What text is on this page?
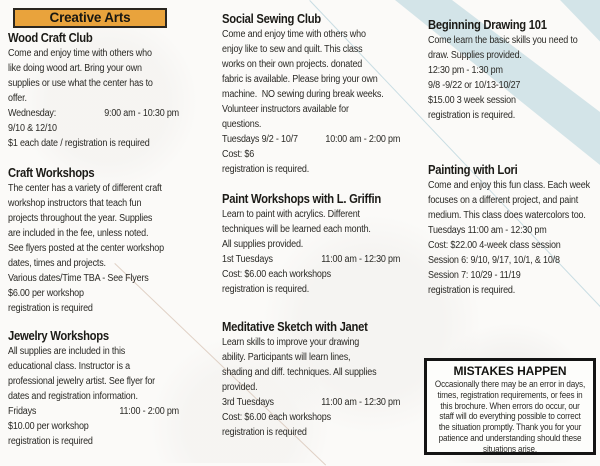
Creative Arts
Wood Craft Club
Come and enjoy time with others who
like doing wood art. Bring your own
supplies or use what the center has to
offer.
Wednesday:	9:00 am - 10:30 pm
9/10 & 12/10
$1 each date / registration is required
Craft Workshops
The center has a variety of different craft
workshop instructors that teach fun
projects throughout the year. Supplies
are included in the fee, unless noted.
See flyers posted at the center workshop
dates, times and projects.
Various dates/Time TBA - See Flyers
$6.00 per workshop
registration is required
Jewelry Workshops
All supplies are included in this
educational class. Instructor is a
professional jewelry artist. See flyer for
dates and registration information.
Fridays	11:00 - 2:00 pm
$10.00 per workshop
registration is required
Social Sewing Club
Come and enjoy time with others who
enjoy like to sew and quilt. This class
works on their own projects. donated
fabric is available. Please bring your own
machine.  NO sewing during break weeks.
Volunteer instructors available for
questions.
Tuesdays 9/2 - 10/7	10:00 am - 2:00 pm
Cost: $6
registration is required.
Paint Workshops with L. Griffin
Learn to paint with acrylics. Different
techniques will be learned each month.
All supplies provided.
1st Tuesdays	11:00 am - 12:30 pm
Cost: $6.00 each workshops
registration is required.
Meditative Sketch with Janet
Learn skills to improve your drawing
ability. Participants will learn lines,
shading and diff. techniques. All supplies
provided.
3rd Tuesdays	11:00 am - 12:30 pm
Cost: $6.00 each workshops
registration is required
Beginning Drawing 101
Come learn the basic skills you need to
draw. Supplies provided.
12:30 pm - 1:30 pm
9/8 -9/22 or 10/13-10/27
$15.00 3 week session
registration is required.
Painting with Lori
Come and enjoy this fun class. Each week
focuses on a different project, and paint
medium. This class does watercolors too.
Tuesdays 11:00 am - 12:30 pm
Cost: $22.00 4-week class session
Session 6: 9/10, 9/17, 10/1, & 10/8
Session 7: 10/29 - 11/19
registration is required.
MISTAKES HAPPEN
Occasionally there may be an error in days,
times, registration requirements, or fees in
this brochure. When errors do occur, our
staff will do everything possible to correct
the situation promptly. Thank you for your
patience and understanding should these
situations arise.
